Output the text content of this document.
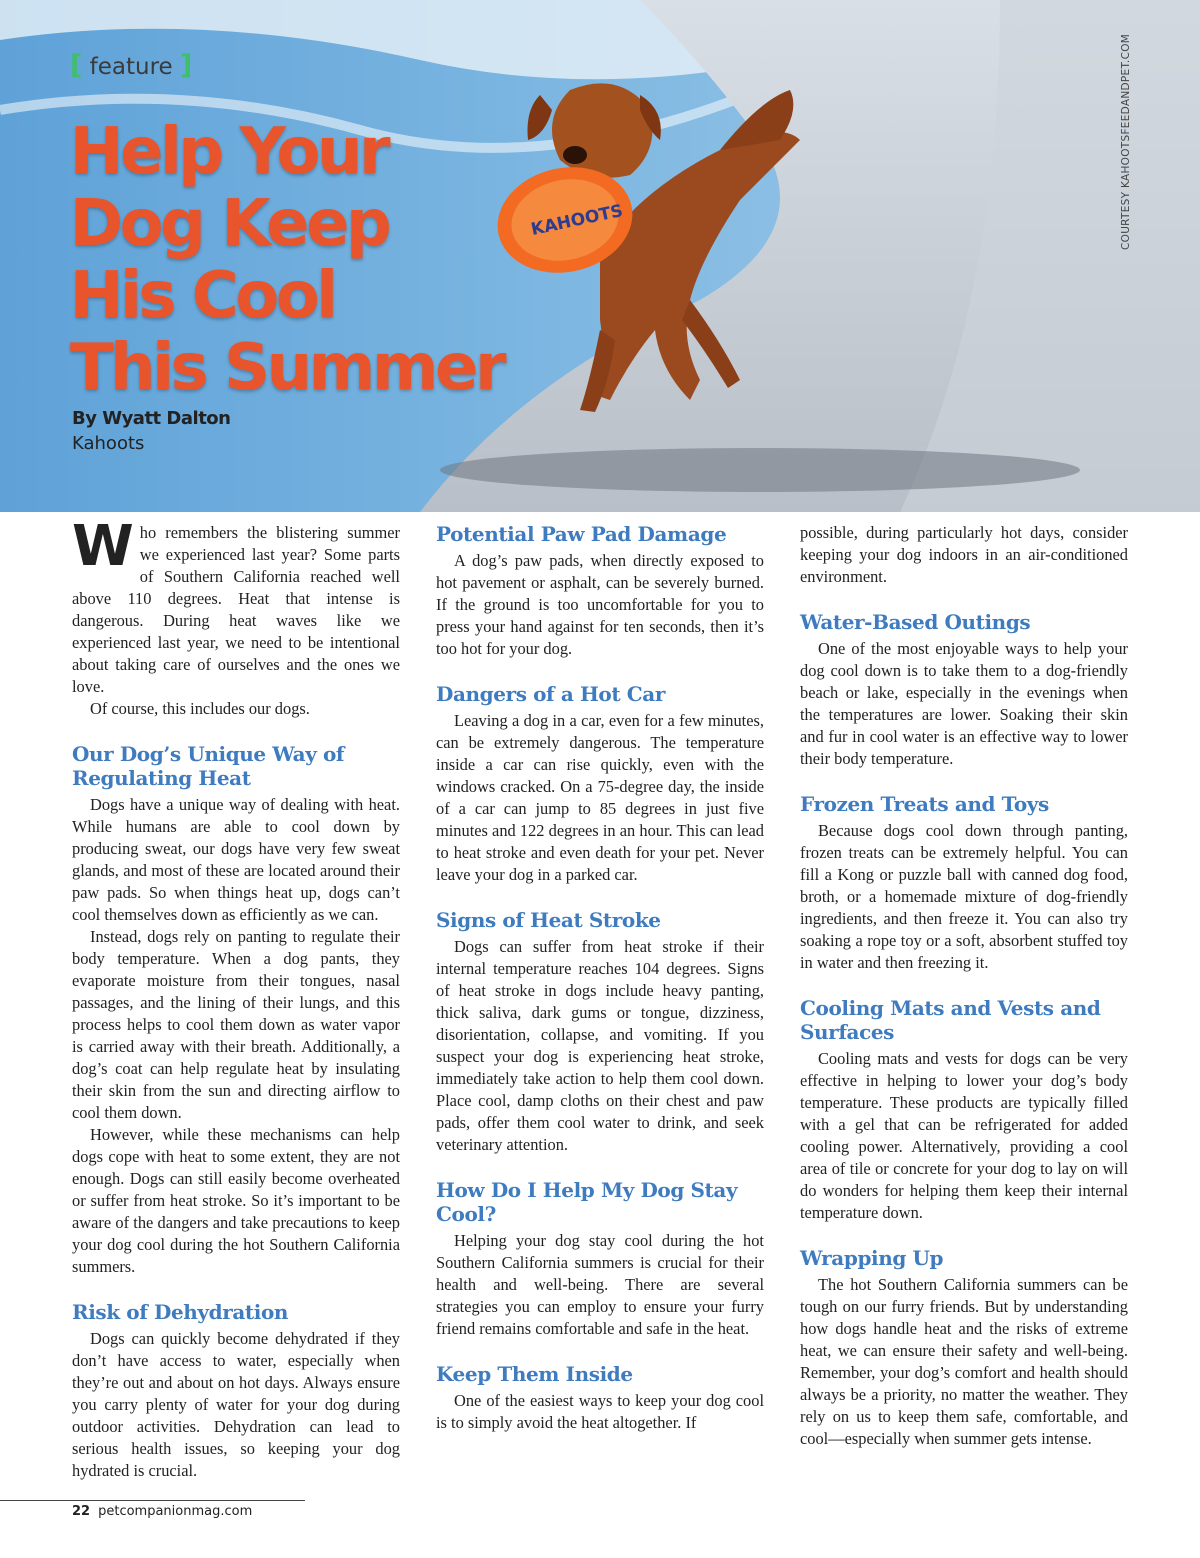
KAHOOTS
[ feature ]
Help Your
Dog Keep
His Cool
This Summer
By Wyatt Dalton
Kahoots
COURTESY KAHOOTSFEEDANDPET.COM

Who remembers the blistering summer we experienced last year? Some parts of Southern California reached well above 110 degrees. Heat that intense is dangerous. During heat waves like we experienced last year, we need to be intentional about taking care of ourselves and the ones we love.

Of course, this includes our dogs.

Our Dog’s Unique Way of Regulating Heat

Dogs have a unique way of dealing with heat. While humans are able to cool down by producing sweat, our dogs have very few sweat glands, and most of these are located around their paw pads. So when things heat up, dogs can’t cool themselves down as efficiently as we can.

Instead, dogs rely on panting to regulate their body temperature. When a dog pants, they evaporate moisture from their tongues, nasal passages, and the lining of their lungs, and this process helps to cool them down as water vapor is carried away with their breath. Additionally, a dog’s coat can help regulate heat by insulating their skin from the sun and directing airflow to cool them down.

However, while these mechanisms can help dogs cope with heat to some extent, they are not enough. Dogs can still easily become overheated or suffer from heat stroke. So it’s important to be aware of the dangers and take precautions to keep your dog cool during the hot Southern California summers.

Risk of Dehydration

Dogs can quickly become dehydrated if they don’t have access to water, especially when they’re out and about on hot days. Always ensure you carry plenty of water for your dog during outdoor activities. Dehydration can lead to serious health issues, so keeping your dog hydrated is crucial.

Potential Paw Pad Damage

A dog’s paw pads, when directly exposed to hot pavement or asphalt, can be severely burned. If the ground is too uncomfortable for you to press your hand against for ten seconds, then it’s too hot for your dog.

Dangers of a Hot Car

Leaving a dog in a car, even for a few minutes, can be extremely dangerous. The temperature inside a car can rise quickly, even with the windows cracked. On a 75-degree day, the inside of a car can jump to 85 degrees in just five minutes and 122 degrees in an hour. This can lead to heat stroke and even death for your pet. Never leave your dog in a parked car.

Signs of Heat Stroke

Dogs can suffer from heat stroke if their internal temperature reaches 104 degrees. Signs of heat stroke in dogs include heavy panting, thick saliva, dark gums or tongue, dizziness, disorientation, collapse, and vomiting. If you suspect your dog is experiencing heat stroke, immediately take action to help them cool down. Place cool, damp cloths on their chest and paw pads, offer them cool water to drink, and seek veterinary attention.

How Do I Help My Dog Stay Cool?

Helping your dog stay cool during the hot Southern California summers is crucial for their health and well-being. There are several strategies you can employ to ensure your furry friend remains comfortable and safe in the heat.

Keep Them Inside

One of the easiest ways to keep your dog cool is to simply avoid the heat altogether. If

possible, during particularly hot days, consider keeping your dog indoors in an air-conditioned environment.

Water-Based Outings

One of the most enjoyable ways to help your dog cool down is to take them to a dog-friendly beach or lake, especially in the evenings when the temperatures are lower. Soaking their skin and fur in cool water is an effective way to lower their body temperature.

Frozen Treats and Toys

Because dogs cool down through panting, frozen treats can be extremely helpful. You can fill a Kong or puzzle ball with canned dog food, broth, or a homemade mixture of dog-friendly ingredients, and then freeze it. You can also try soaking a rope toy or a soft, absorbent stuffed toy in water and then freezing it.

Cooling Mats and Vests and Surfaces

Cooling mats and vests for dogs can be very effective in helping to lower your dog’s body temperature. These products are typically filled with a gel that can be refrigerated for added cooling power. Alternatively, providing a cool area of tile or concrete for your dog to lay on will do wonders for helping them keep their internal temperature down.

Wrapping Up

The hot Southern California summers can be tough on our furry friends. But by understanding how dogs handle heat and the risks of extreme heat, we can ensure their safety and well-being. Remember, your dog’s comfort and health should always be a priority, no matter the weather. They rely on us to keep them safe, comfortable, and cool—especially when summer gets intense.

22 petcompanionmag.com
